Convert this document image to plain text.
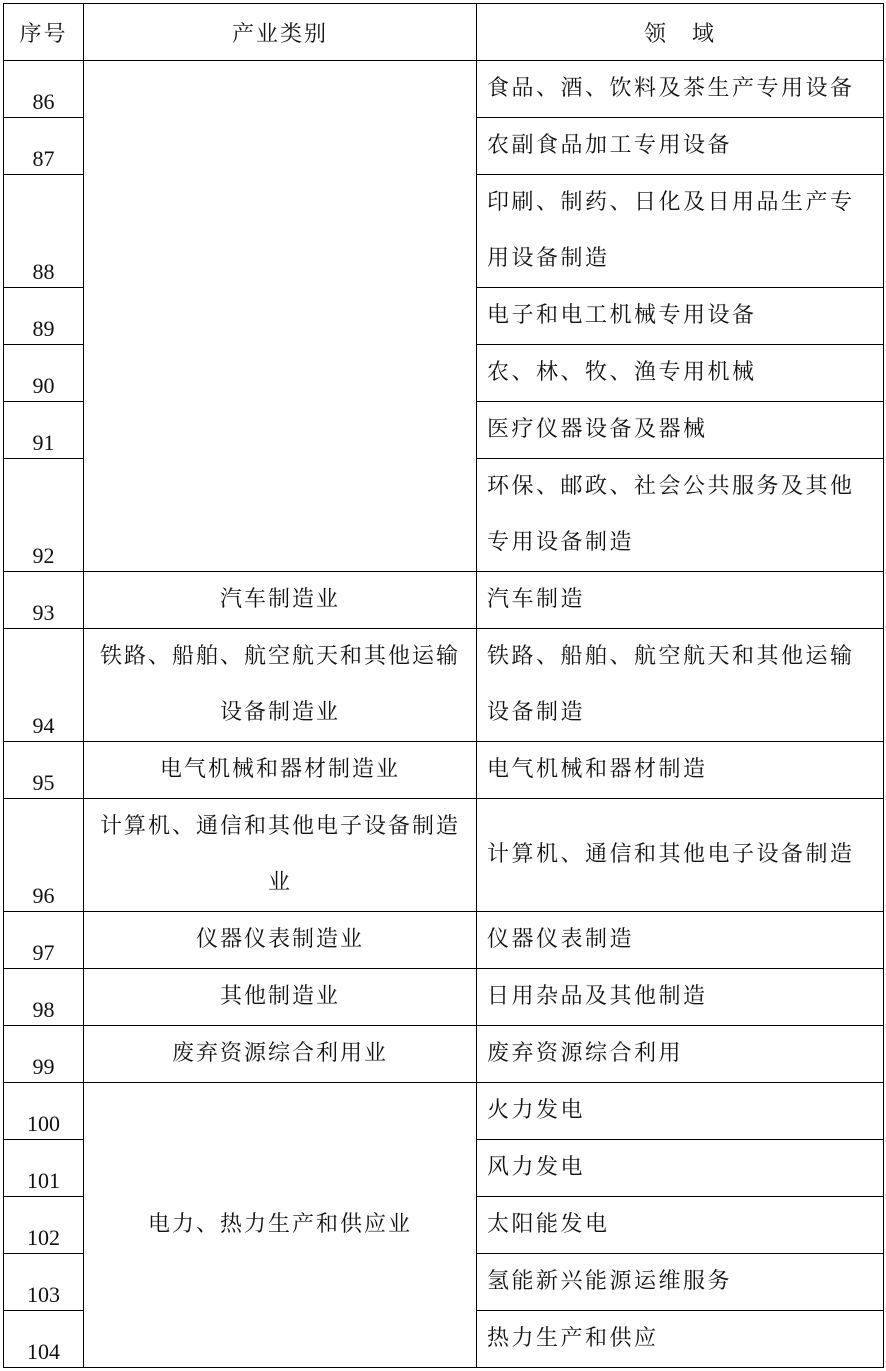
序号	产业类别	领　域
86		食品、酒、饮料及茶生产专用设备
87		农副食品加工专用设备
88		印刷、制药、日化及日用品生产专用设备制造
89		电子和电工机械专用设备
90		农、林、牧、渔专用机械
91		医疗仪器设备及器械
92		环保、邮政、社会公共服务及其他专用设备制造
93	汽车制造业	汽车制造
94	铁路、船舶、航空航天和其他运输设备制造业	铁路、船舶、航空航天和其他运输设备制造
95	电气机械和器材制造业	电气机械和器材制造
96	计算机、通信和其他电子设备制造业	计算机、通信和其他电子设备制造
97	仪器仪表制造业	仪器仪表制造
98	其他制造业	日用杂品及其他制造
99	废弃资源综合利用业	废弃资源综合利用
100	电力、热力生产和供应业	火力发电
101		风力发电
102		太阳能发电
103		氢能新兴能源运维服务
104		热力生产和供应
